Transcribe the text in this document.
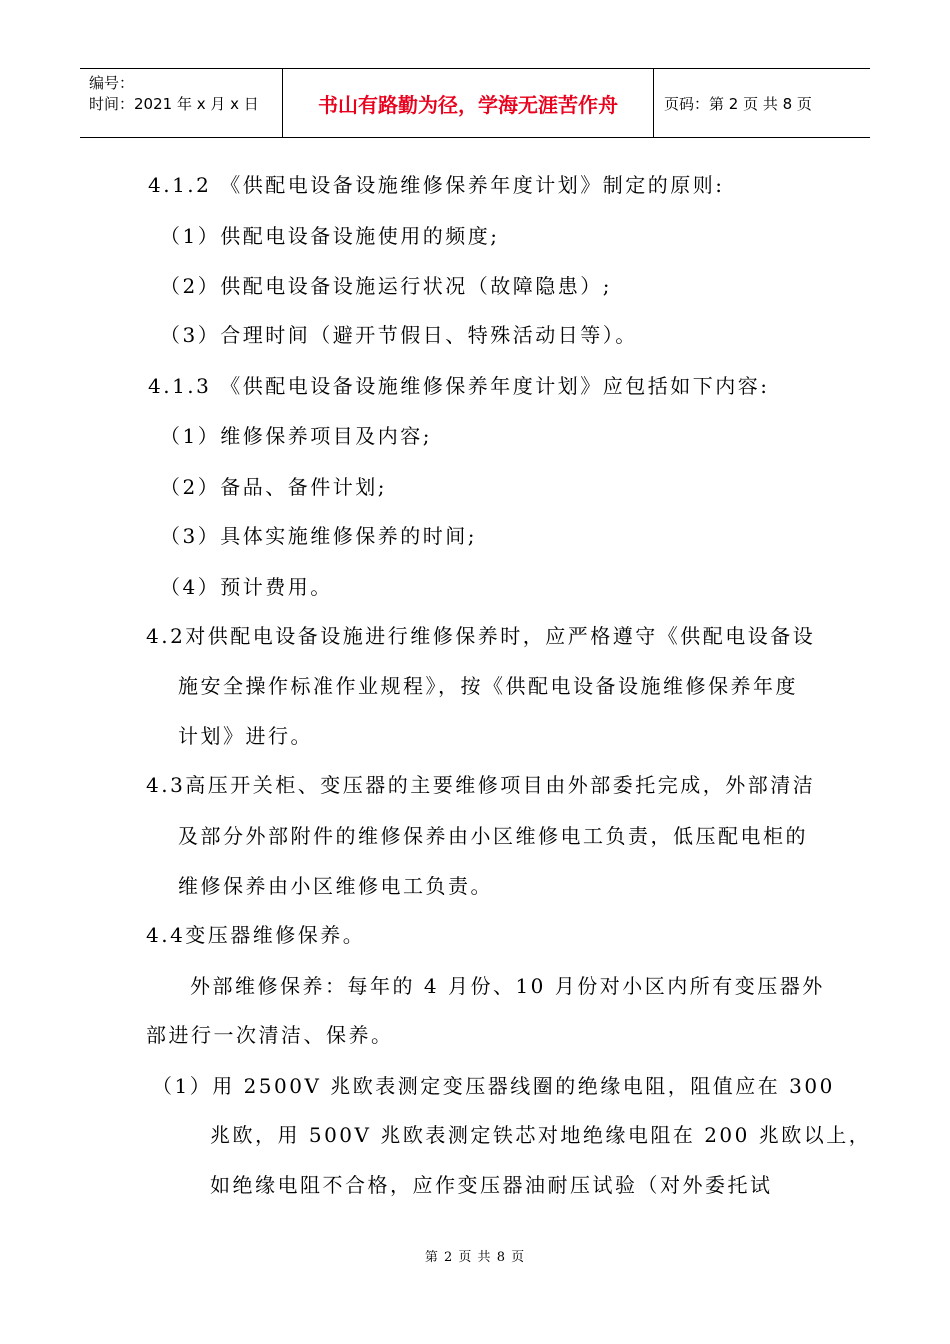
编号：
时间：2021 年 x 月 x 日	书山有路勤为径，学海无涯苦作舟	页码：第 2 页 共 8 页
4.1.2 《供配电设备设施维修保养年度计划》制定的原则:
（1）供配电设备设施使用的频度;
（2）供配电设备设施运行状况（故障隐患）;
（3）合理时间（避开节假日、特殊活动日等）。
4.1.3 《供配电设备设施维修保养年度计划》应包括如下内容:
（1）维修保养项目及内容;
（2）备品、备件计划;
（3）具体实施维修保养的时间;
（4）预计费用。
4.2对供配电设备设施进行维修保养时，应严格遵守《供配电设备设
施安全操作标准作业规程》，按《供配电设备设施维修保养年度
计划》进行。
4.3高压开关柜、变压器的主要维修项目由外部委托完成，外部清洁
及部分外部附件的维修保养由小区维修电工负责，低压配电柜的
维修保养由小区维修电工负责。
4.4变压器维修保养。
外部维修保养：每年的 4 月份、10 月份对小区内所有变压器外
部进行一次清洁、保养。
（1）用 2500V 兆欧表测定变压器线圈的绝缘电阻，阻值应在 300
兆欧，用 500V 兆欧表测定铁芯对地绝缘电阻在 200 兆欧以上，
如绝缘电阻不合格，应作变压器油耐压试验（对外委托试
第 2 页 共 8 页
